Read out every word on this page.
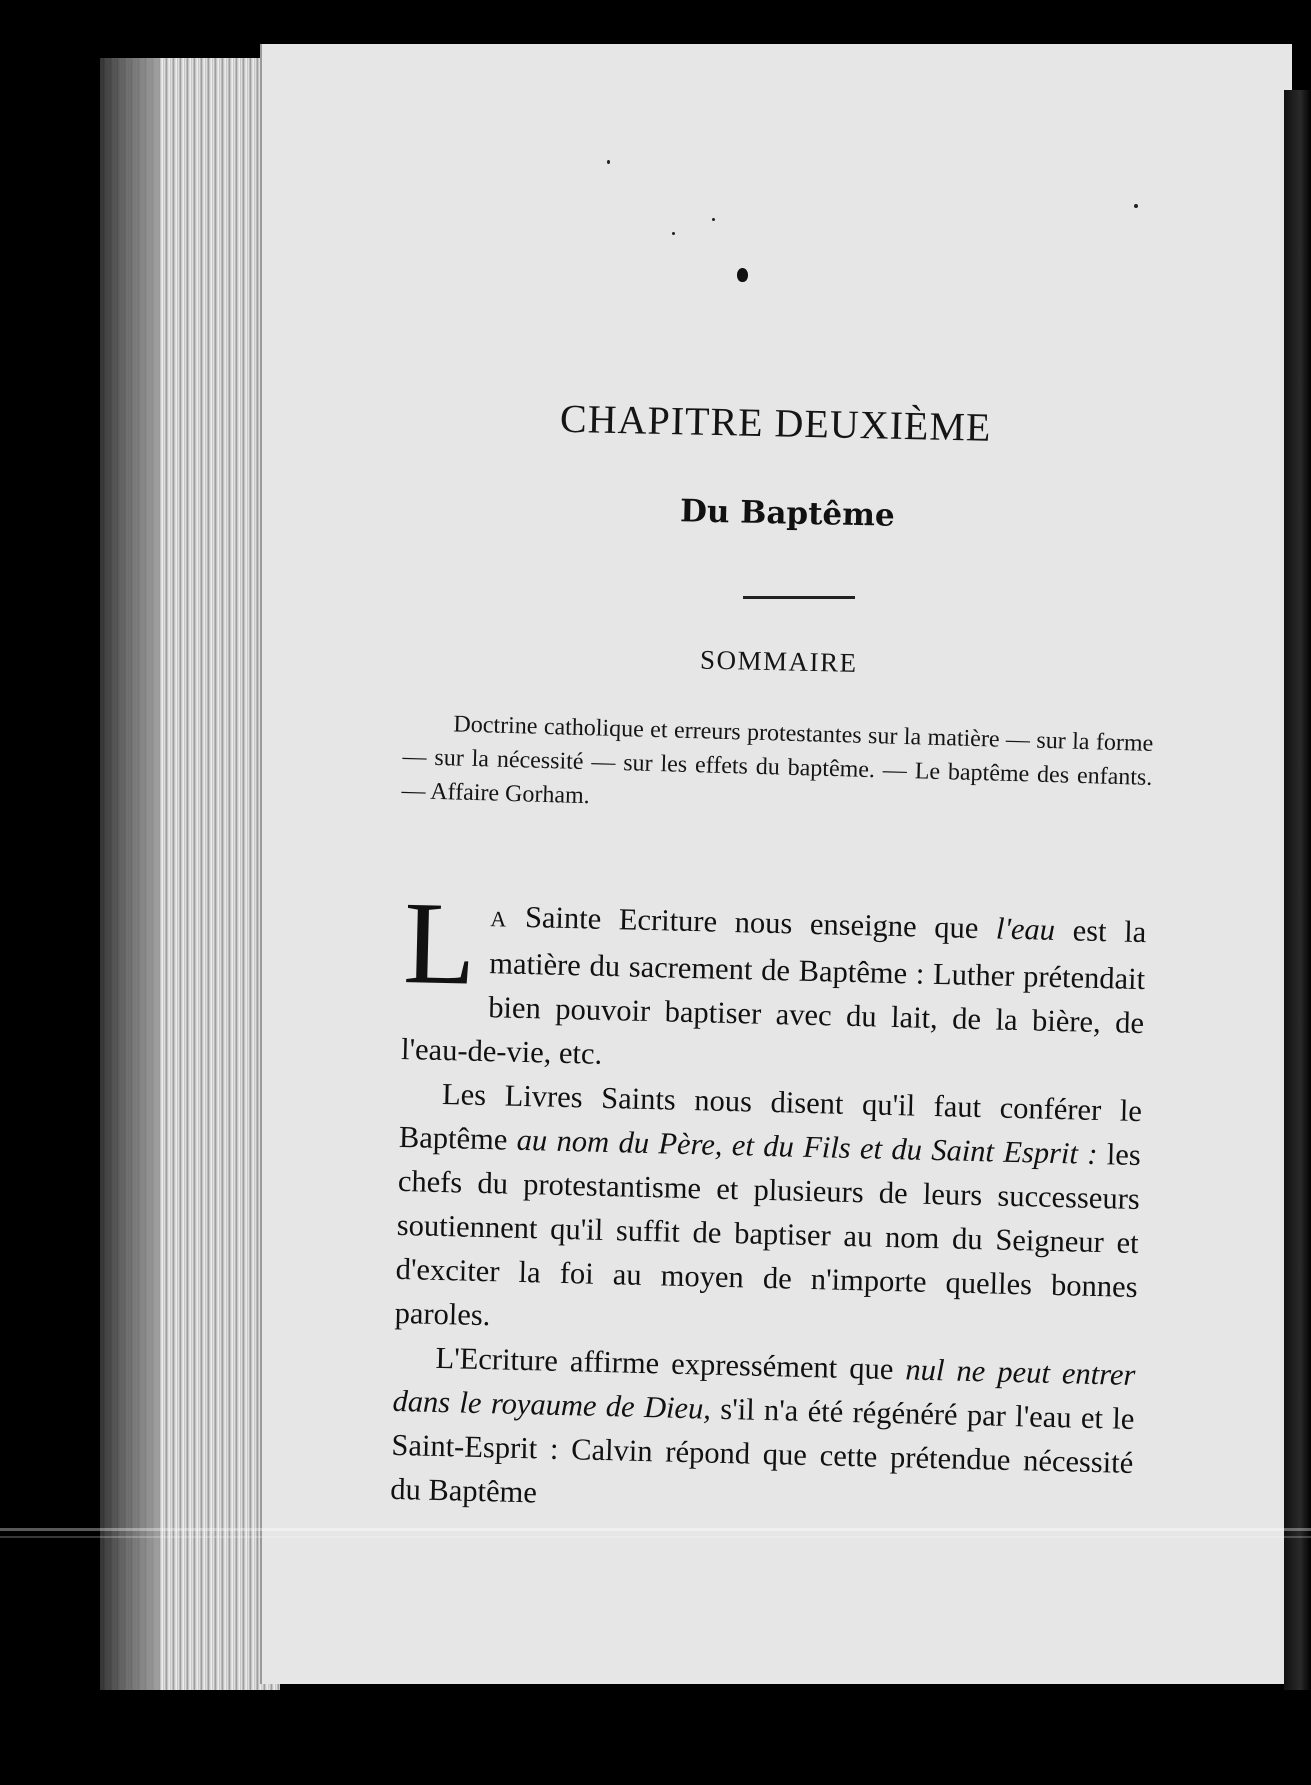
CHAPITRE DEUXIÈME
Du Baptême
SOMMAIRE

Doctrine catholique et erreurs protestantes sur la matière — sur la forme — sur la nécessité — sur les effets du baptême. — Le baptême des enfants. — Affaire Gorham.

L A Sainte Ecriture nous enseigne que l'eau est la matière du sacrement de Baptême : Luther prétendait bien pouvoir baptiser avec du lait, de la bière, de l'eau-de-vie, etc.

Les Livres Saints nous disent qu'il faut conférer le Baptême au nom du Père, et du Fils et du Saint Esprit : les chefs du protestantisme et plusieurs de leurs successeurs soutiennent qu'il suffit de baptiser au nom du Seigneur et d'exciter la foi au moyen de n'importe quelles bonnes paroles.

L'Ecriture affirme expressément que nul ne peut entrer dans le royaume de Dieu, s'il n'a été régénéré par l'eau et le Saint-Esprit : Calvin répond que cette prétendue nécessité du Baptême
